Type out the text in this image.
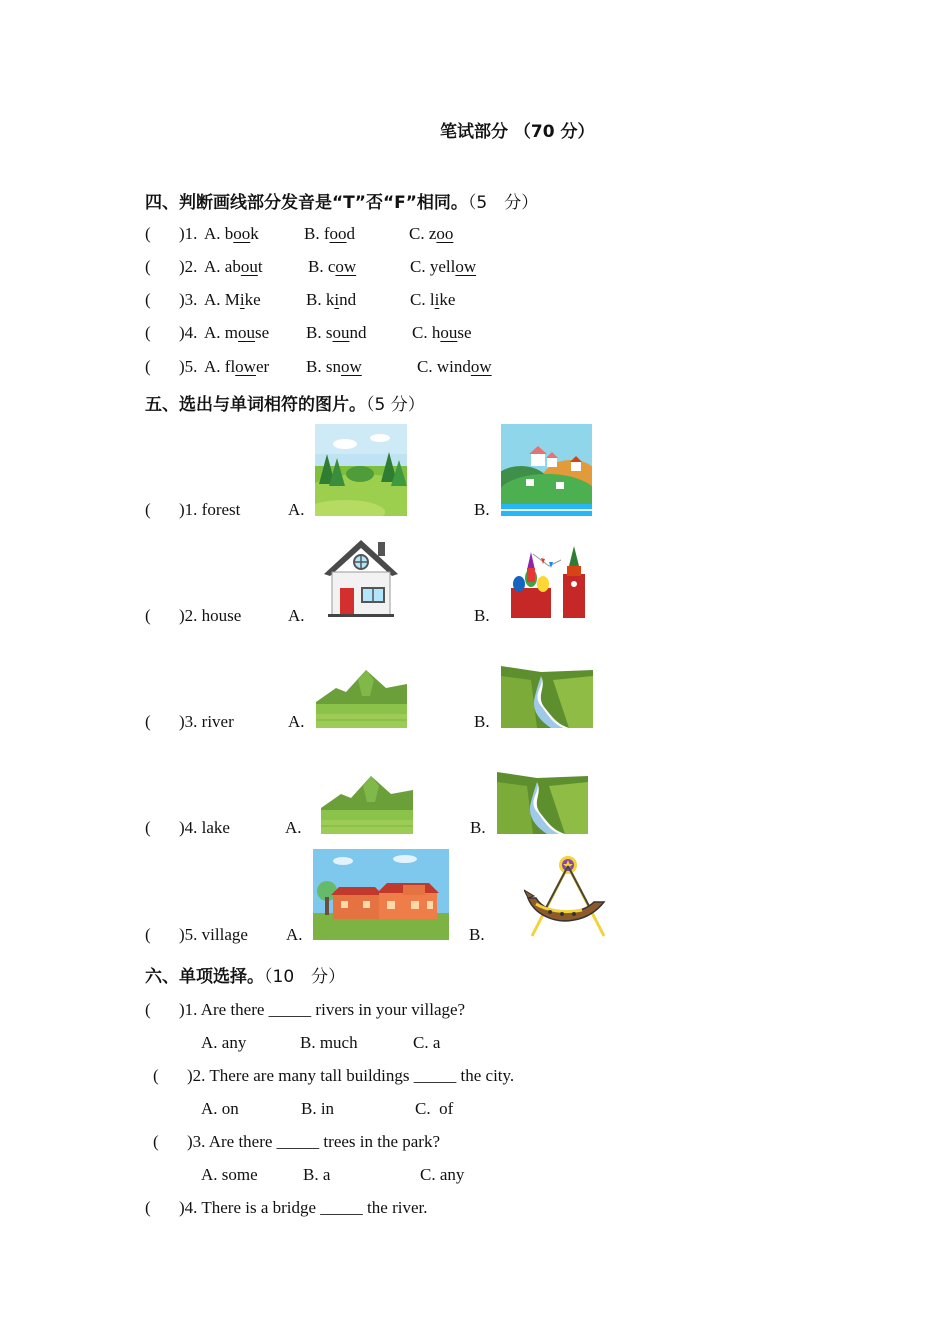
笔试部分 （70 分）
四、判断画线部分发音是“T”否“F”相同。（5　分）
( )1. A. book	B. food	C. zoo
( )2. A. about	B. cow	C. yellow
( )3. A. Mike	B. kind	C. like
( )4. A. mouse B. sound	C. house
( )5. A. flower B. snow	C. window
五、选出与单词相符的图片。（5 分）
( )1. forest	A.	B.
( )2. house	A.	B.
( )3. river	A.	B.
( )4. lake	A.	B.
( )5. village A.	B.
六、单项选择。（10　分）
( )1. Are there _____ rivers in your village?
A. any	B. much	C. a
( )2. There are many tall buildings _____ the city.
A. on	B. in	C.  of
( )3. Are there _____ trees in the park?
A. some	B. a	C. any
( )4. There is a bridge _____ the river.
